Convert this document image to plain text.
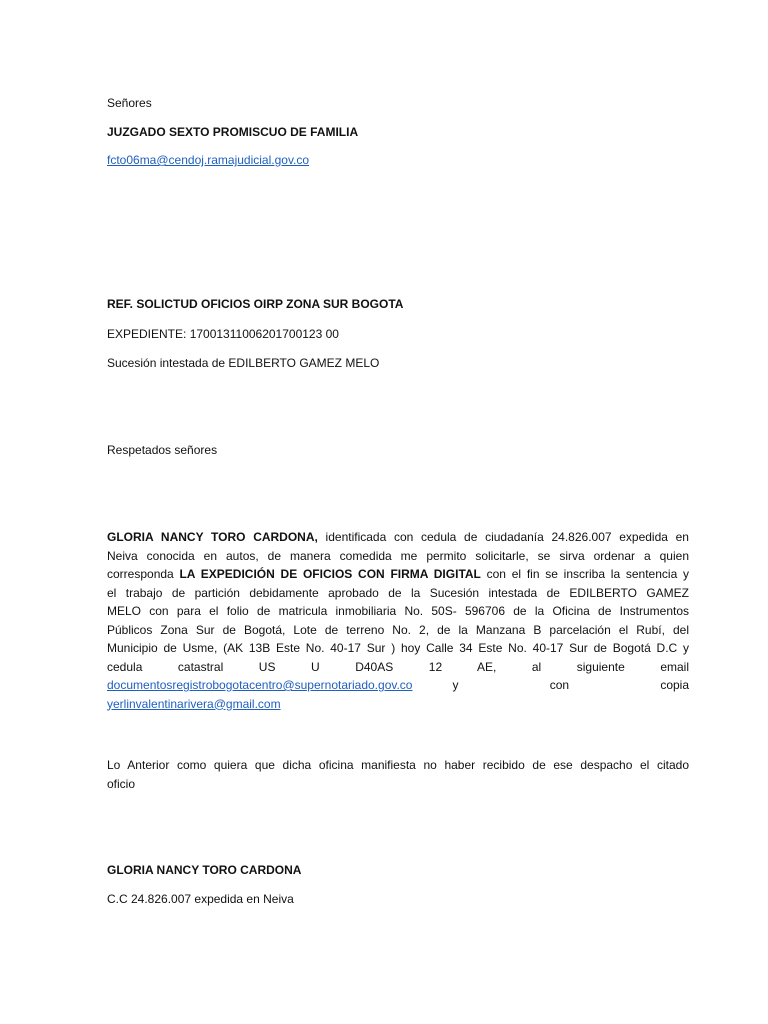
Señores
JUZGADO SEXTO PROMISCUO DE FAMILIA
fcto06ma@cendoj.ramajudicial.gov.co
REF. SOLICTUD OFICIOS OIRP ZONA SUR BOGOTA
EXPEDIENTE: 17001311006201700123 00
Sucesión intestada de EDILBERTO GAMEZ MELO
Respetados señores
GLORIA NANCY TORO CARDONA, identificada con cedula de ciudadanía 24.826.007 expedida en
Neiva conocida en autos, de manera comedida me permito solicitarle, se sirva ordenar a quien
corresponda LA EXPEDICIÓN DE OFICIOS CON FIRMA DIGITAL con el fin se inscriba la sentencia y
el trabajo de partición debidamente aprobado de la Sucesión intestada de EDILBERTO GAMEZ
MELO con para el folio de matricula inmobiliaria No. 50S- 596706 de la Oficina de Instrumentos
Públicos Zona Sur de Bogotá, Lote de terreno No. 2, de la Manzana B parcelación el Rubí, del
Municipio de Usme, (AK 13B Este No. 40-17 Sur ) hoy Calle 34 Este No. 40-17 Sur de Bogotá D.C y
cedula catastral US U D40AS 12 AE, al siguiente email
documentosregistrobogotacentro@supernotariado.gov.co	y con copia
yerlinvalentinarivera@gmail.com
Lo Anterior como quiera que dicha oficina manifiesta no haber recibido de ese despacho el citado
oficio
GLORIA NANCY TORO CARDONA
C.C 24.826.007 expedida en Neiva
